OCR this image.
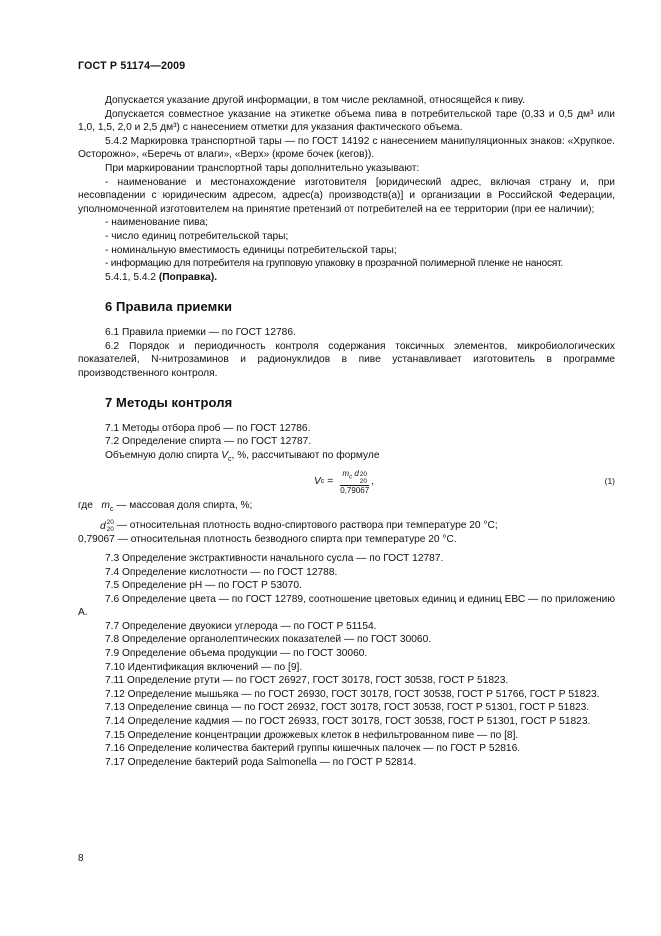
ГОСТ Р 51174—2009

Допускается указание другой информации, в том числе рекламной, относящейся к пиву.

Допускается совместное указание на этикетке объема пива в потребительской таре (0,33 и 0,5 дм³ или 1,0, 1,5, 2,0 и 2,5 дм³) с нанесением отметки для указания фактического объема.

5.4.2 Маркировка транспортной тары — по ГОСТ 14192 с нанесением манипуляционных знаков: «Хрупкое. Осторожно», «Беречь от влаги», «Верх» (кроме бочек (кегов)).

При маркировании транспортной тары дополнительно указывают:

- наименование и местонахождение изготовителя [юридический адрес, включая страну и, при несовпадении с юридическим адресом, адрес(а) производств(а)] и организации в Российской Федерации, уполномоченной изготовителем на принятие претензий от потребителей на ее территории (при ее наличии);

- наименование пива;

- число единиц потребительской тары;

- номинальную вместимость единицы потребительской тары;

- информацию для потребителя на групповую упаковку в прозрачной полимерной пленке не наносят.

5.4.1, 5.4.2 (Поправка).

6 Правила приемки

6.1 Правила приемки — по ГОСТ 12786.

6.2 Порядок и периодичность контроля содержания токсичных элементов, микробиологических показателей, N-нитрозаминов и радионуклидов в пиве устанавливает изготовитель в программе производственного контроля.

7 Методы контроля

7.1 Методы отбора проб — по ГОСТ 12786.

7.2 Определение спирта — по ГОСТ 12787.

Объемную долю спирта $V_c$, %, рассчитывают по формуле

V $c = m_c$ d 20
20
0,79067 ,	(1)

где $m_c$ — массовая доля спирта, %;

d 20
20 — относительная плотность водно-спиртового раствора при температуре 20 °С;

0,79067 — относительная плотность безводного спирта при температуре 20 °С.

7.3 Определение экстрактивности начального сусла — по ГОСТ 12787.

7.4 Определение кислотности — по ГОСТ 12788.

7.5 Определение pH — по ГОСТ Р 53070.

7.6 Определение цвета — по ГОСТ 12789, соотношение цветовых единиц и единиц ЕВС — по приложению А.

7.7 Определение двуокиси углерода — по ГОСТ Р 51154.

7.8 Определение органолептических показателей — по ГОСТ 30060.

7.9 Определение объема продукции — по ГОСТ 30060.

7.10 Идентификация включений — по [9].

7.11 Определение ртути — по ГОСТ 26927, ГОСТ 30178, ГОСТ 30538, ГОСТ Р 51823.

7.12 Определение мышьяка — по ГОСТ 26930, ГОСТ 30178, ГОСТ 30538, ГОСТ Р 51766, ГОСТ Р 51823.

7.13 Определение свинца — по ГОСТ 26932, ГОСТ 30178, ГОСТ 30538, ГОСТ Р 51301, ГОСТ Р 51823.

7.14 Определение кадмия — по ГОСТ 26933, ГОСТ 30178, ГОСТ 30538, ГОСТ Р 51301, ГОСТ Р 51823.

7.15 Определение концентрации дрожжевых клеток в нефильтрованном пиве — по [8].

7.16 Определение количества бактерий группы кишечных палочек — по ГОСТ Р 52816.

7.17 Определение бактерий рода Salmonella — по ГОСТ Р 52814.

8
